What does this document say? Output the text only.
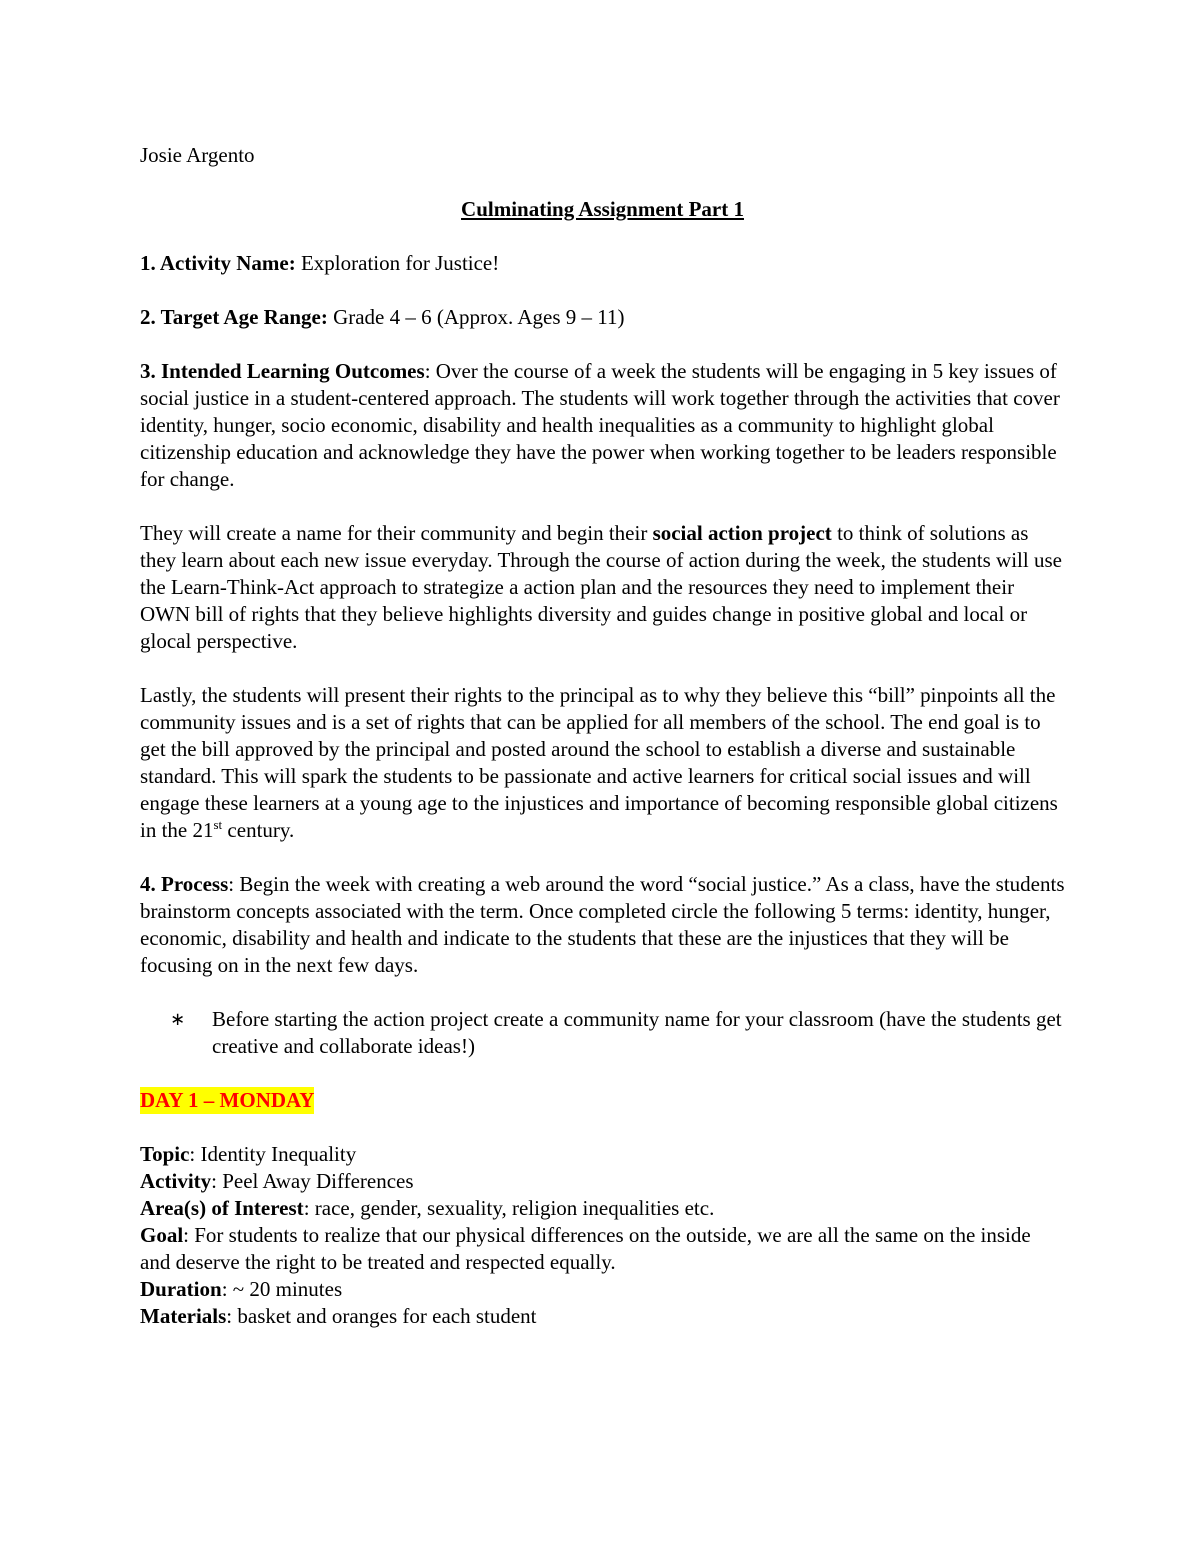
Josie Argento

Culminating Assignment Part 1

1. Activity Name: Exploration for Justice!

2. Target Age Range: Grade 4 – 6 (Approx. Ages 9 – 11)

3. Intended Learning Outcomes: Over the course of a week the students will be engaging in 5 key issues of social justice in a student-centered approach. The students will work together through the activities that cover identity, hunger, socio economic, disability and health inequalities as a community to highlight global citizenship education and acknowledge they have the power when working together to be leaders responsible for change.

They will create a name for their community and begin their social action project to think of solutions as they learn about each new issue everyday. Through the course of action during the week, the students will use the Learn-Think-Act approach to strategize a action plan and the resources they need to implement their OWN bill of rights that they believe highlights diversity and guides change in positive global and local or glocal perspective.

Lastly, the students will present their rights to the principal as to why they believe this “bill” pinpoints all the community issues and is a set of rights that can be applied for all members of the school. The end goal is to get the bill approved by the principal and posted around the school to establish a diverse and sustainable standard. This will spark the students to be passionate and active learners for critical social issues and will engage these learners at a young age to the injustices and importance of becoming responsible global citizens in the 21st century.

4. Process: Begin the week with creating a web around the word “social justice.” As a class, have the students brainstorm concepts associated with the term. Once completed circle the following 5 terms: identity, hunger, economic, disability and health and indicate to the students that these are the injustices that they will be focusing on in the next few days.

∗ Before starting the action project create a community name for your classroom (have the students get creative and collaborate ideas!)
DAY 1 – MONDAY

Topic: Identity Inequality

Activity: Peel Away Differences

Area(s) of Interest: race, gender, sexuality, religion inequalities etc.

Goal: For students to realize that our physical differences on the outside, we are all the same on the inside and deserve the right to be treated and respected equally.

Duration: ~ 20 minutes

Materials: basket and oranges for each student
